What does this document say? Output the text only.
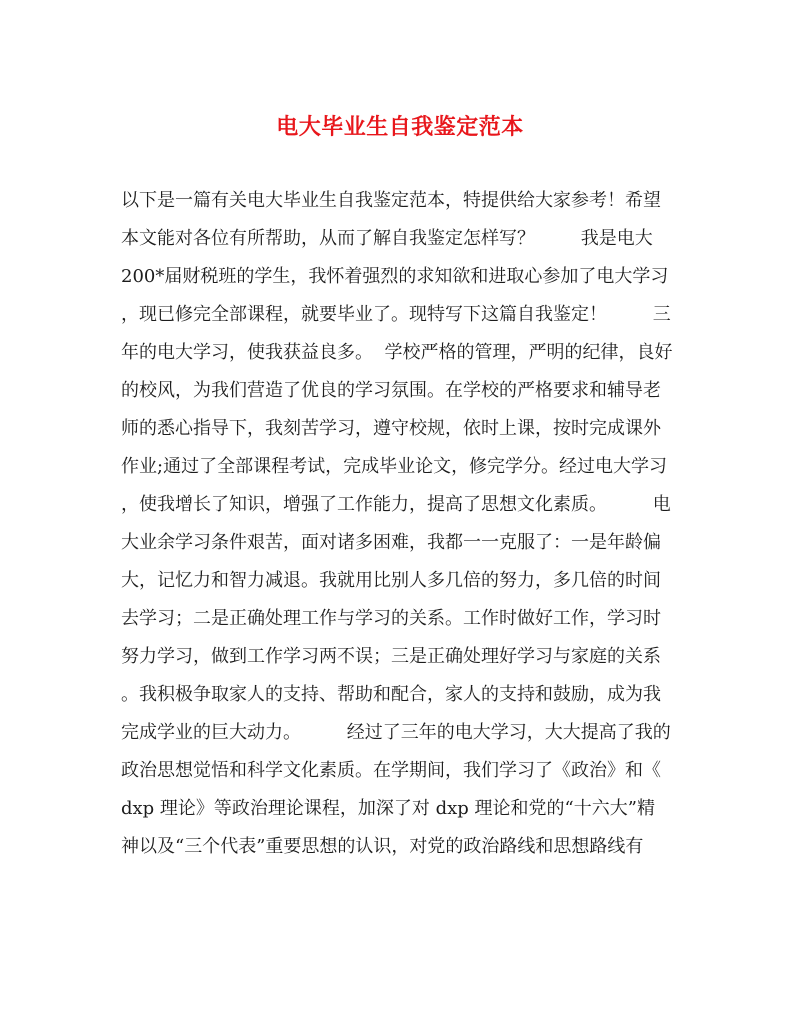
电大毕业生自我鉴定范本
以下是一篇有关电大毕业生自我鉴定范本，特提供给大家参考！希望
本文能对各位有所帮助，从而了解自我鉴定怎样写？        我是电大
200*届财税班的学生，我怀着强烈的求知欲和进取心参加了电大学习
，现已修完全部课程，就要毕业了。现特写下这篇自我鉴定！        三
年的电大学习，使我获益良多。  学校严格的管理，严明的纪律，良好
的校风，为我们营造了优良的学习氛围。在学校的严格要求和辅导老
师的悉心指导下，我刻苦学习，遵守校规，依时上课，按时完成课外
作业;通过了全部课程考试，完成毕业论文，修完学分。经过电大学习
，使我增长了知识，增强了工作能力，提高了思想文化素质。        电
大业余学习条件艰苦，面对诸多困难，我都一一克服了：一是年龄偏
大，记忆力和智力减退。我就用比别人多几倍的努力，多几倍的时间
去学习；二是正确处理工作与学习的关系。工作时做好工作，学习时
努力学习，做到工作学习两不误；三是正确处理好学习与家庭的关系
。我积极争取家人的支持、帮助和配合，家人的支持和鼓励，成为我
完成学业的巨大动力。        经过了三年的电大学习，大大提高了我的
政治思想觉悟和科学文化素质。在学期间，我们学习了《政治》和《
dxp 理论》等政治理论课程，加深了对 dxp 理论和党的“十六大”精
神以及“三个代表”重要思想的认识，对党的政治路线和思想路线有
